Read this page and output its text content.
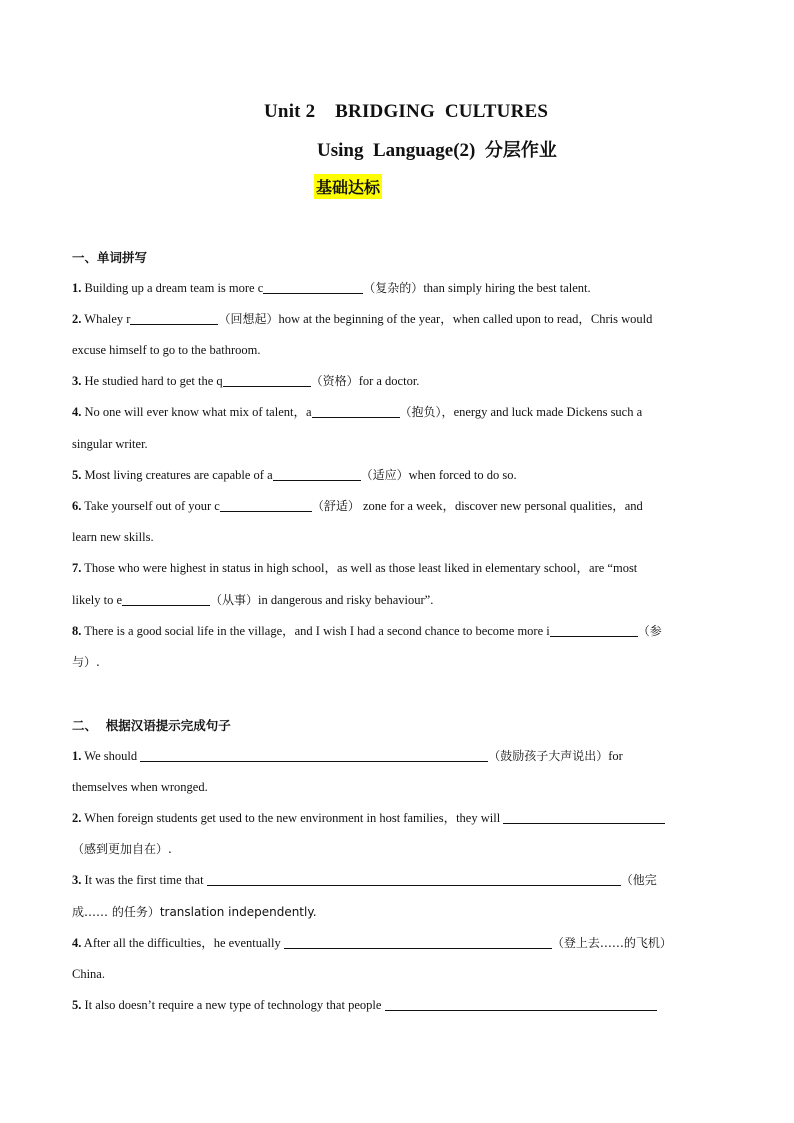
Unit 2    BRIDGING  CULTURES
Using  Language(2)  分层作业
基础达标
一、单词拼写
1. Building up a dream team is more c	（复杂的）than simply hiring the best talent.
2. Whaley r	（回想起）how at the beginning of the year，when called upon to read，Chris would
excuse himself to go to the bathroom.
3. He studied hard to get the q	（资格）for a doctor.
4. No one will ever know what mix of talent，a	（抱负），energy and luck made Dickens such a
singular writer.
5. Most living creatures are capable of a	（适应）when forced to do so.
6. Take yourself out of your c	（舒适） zone for a week，discover new personal qualities，and
learn new skills.
7. Those who were highest in status in high school，as well as those least liked in elementary school，are “most
likely to e	（从事）in dangerous and risky behaviour”.
8. There is a good social life in the village，and I wish I had a second chance to become more i	（参
与）.
二、  根据汉语提示完成句子
1. We should	（鼓励孩子大声说出）for
themselves when wronged.
2. When foreign students get used to the new environment in host families，they will
（感到更加自在）.
3. It was the first time that	（他完
成…… 的任务）translation independently.
4. After all the difficulties，he eventually	（登上去……的飞机）
China.
5. It also doesn’t require a new type of technology that people
